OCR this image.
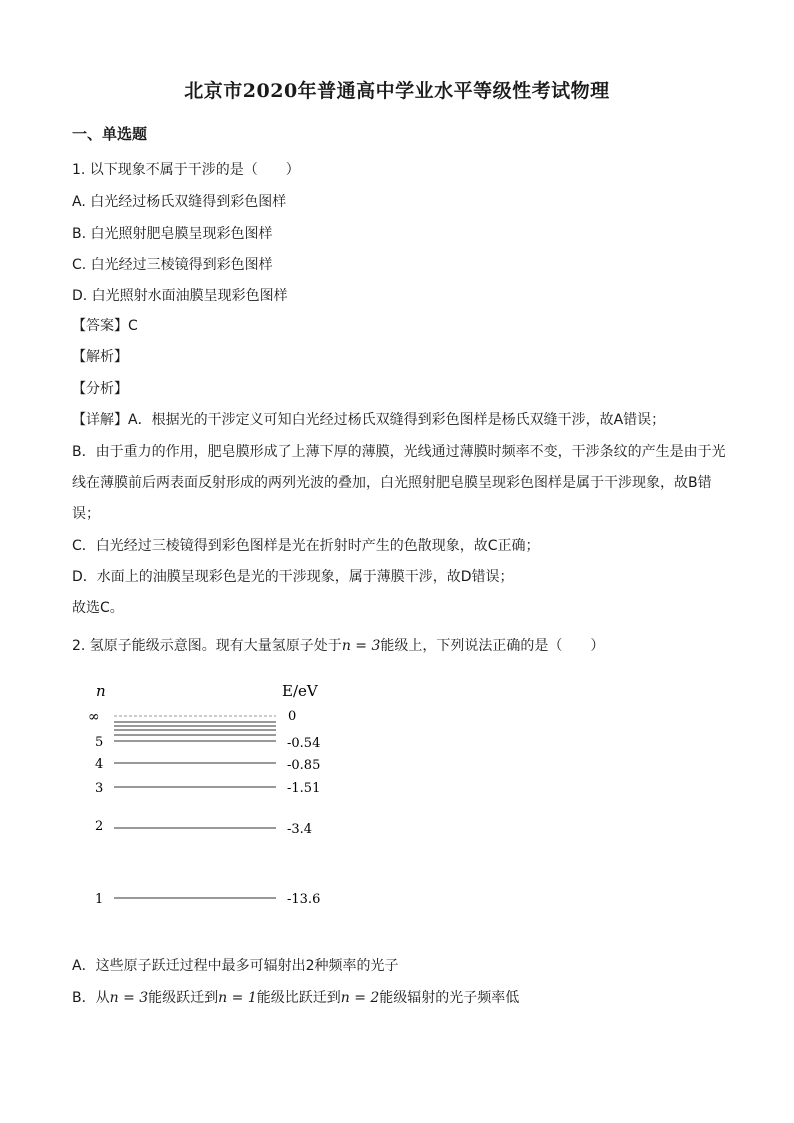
北京市2020年普通高中学业水平等级性考试物理
一、单选题
1. 以下现象不属于干涉的是（　　）
A. 白光经过杨氏双缝得到彩色图样
B. 白光照射肥皂膜呈现彩色图样
C. 白光经过三棱镜得到彩色图样
D. 白光照射水面油膜呈现彩色图样
【答案】C
【解析】
【分析】
【详解】A．根据光的干涉定义可知白光经过杨氏双缝得到彩色图样是杨氏双缝干涉，故A错误；
B．由于重力的作用，肥皂膜形成了上薄下厚的薄膜，光线通过薄膜时频率不变，干涉条纹的产生是由于光
线在薄膜前后两表面反射形成的两列光波的叠加，白光照射肥皂膜呈现彩色图样是属于干涉现象，故B错
误；
C．白光经过三棱镜得到彩色图样是光在折射时产生的色散现象，故C正确；
D．水面上的油膜呈现彩色是光的干涉现象，属于薄膜干涉，故D错误；
故选C。
2. 氢原子能级示意图。现有大量氢原子处于n = 3能级上，下列说法正确的是（　　）
n	E/eV
∞	0
5	-0.54
4	-0.85
3	-1.51
2	-3.4
1	-13.6
A．这些原子跃迁过程中最多可辐射出2种频率的光子
B．从n = 3能级跃迁到n = 1能级比跃迁到n = 2能级辐射的光子频率低
